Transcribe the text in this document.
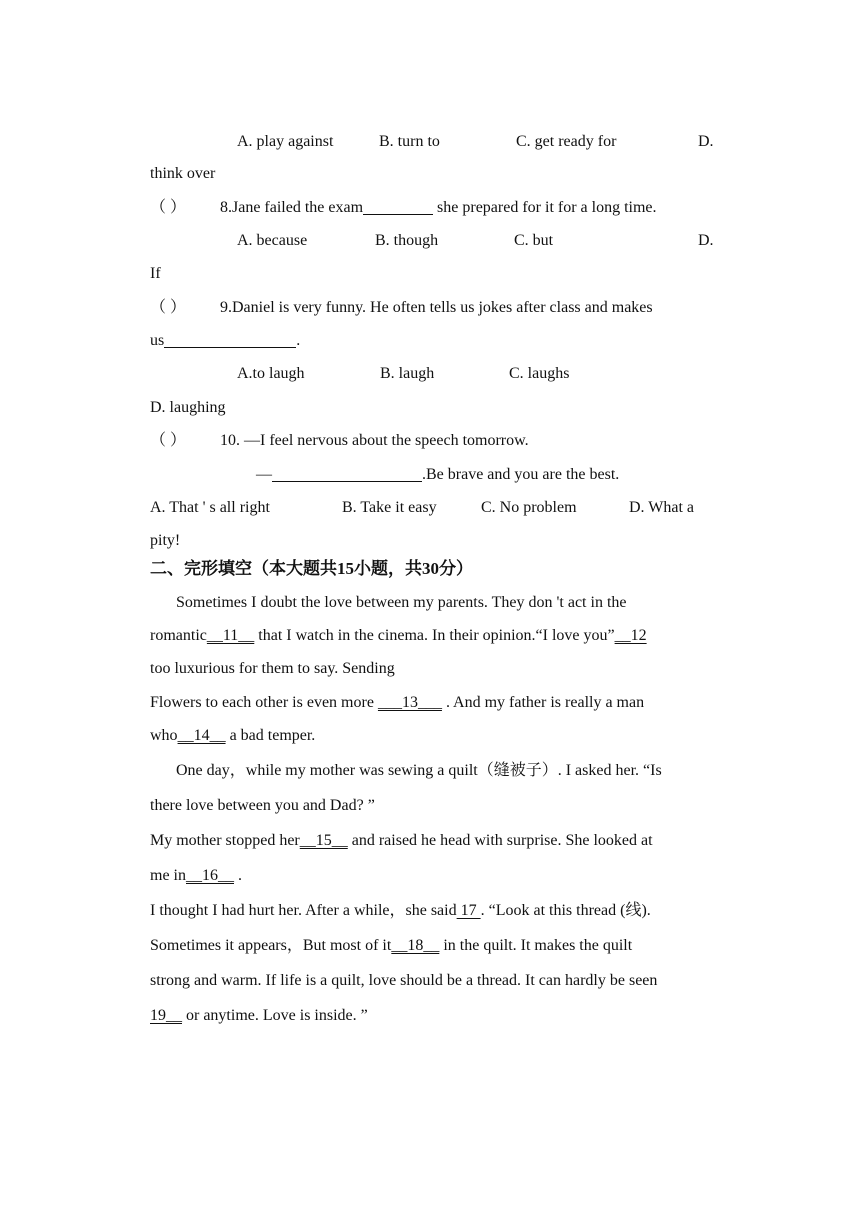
A. play against	B. turn to	C. get ready for	D.
think over
（ ） 8.Jane failed the exam	she prepared for it for a long time.
A. because	B. though	C. but	D.
If
（ ） 9.Daniel is very funny. He often tells us jokes after class and makes
us	.
A.to laugh	B. laugh	C. laughs
D. laughing
（ ） 10. —I feel nervous about the speech tomorrow.
—	.Be brave and you are the best.
A. That ' s all right	B. Take it easy	C. No problem	D. What a
pity!
二、完形填空（本大题共15小题，共30分）
Sometimes I doubt the love between my parents. They don 't act in the
romantic__11__ that I watch in the cinema. In their opinion.“I love you”__12
too luxurious for them to say. Sending
Flowers to each other is even more ___13___ . And my father is really a man
who__14__ a bad temper.
One day，while my mother was sewing a quilt（缝被子）. I asked her. “Is
there love between you and Dad? ”
My mother stopped her__15__ and raised he head with surprise. She looked at
me in__16__ .
I thought I had hurt her. After a while，she said 17 . “Look at this thread (线).
Sometimes it appears，But most of it__18__ in the quilt. It makes the quilt
strong and warm. If life is a quilt, love should be a thread. It can hardly be seen
19__ or anytime. Love is inside. ”
